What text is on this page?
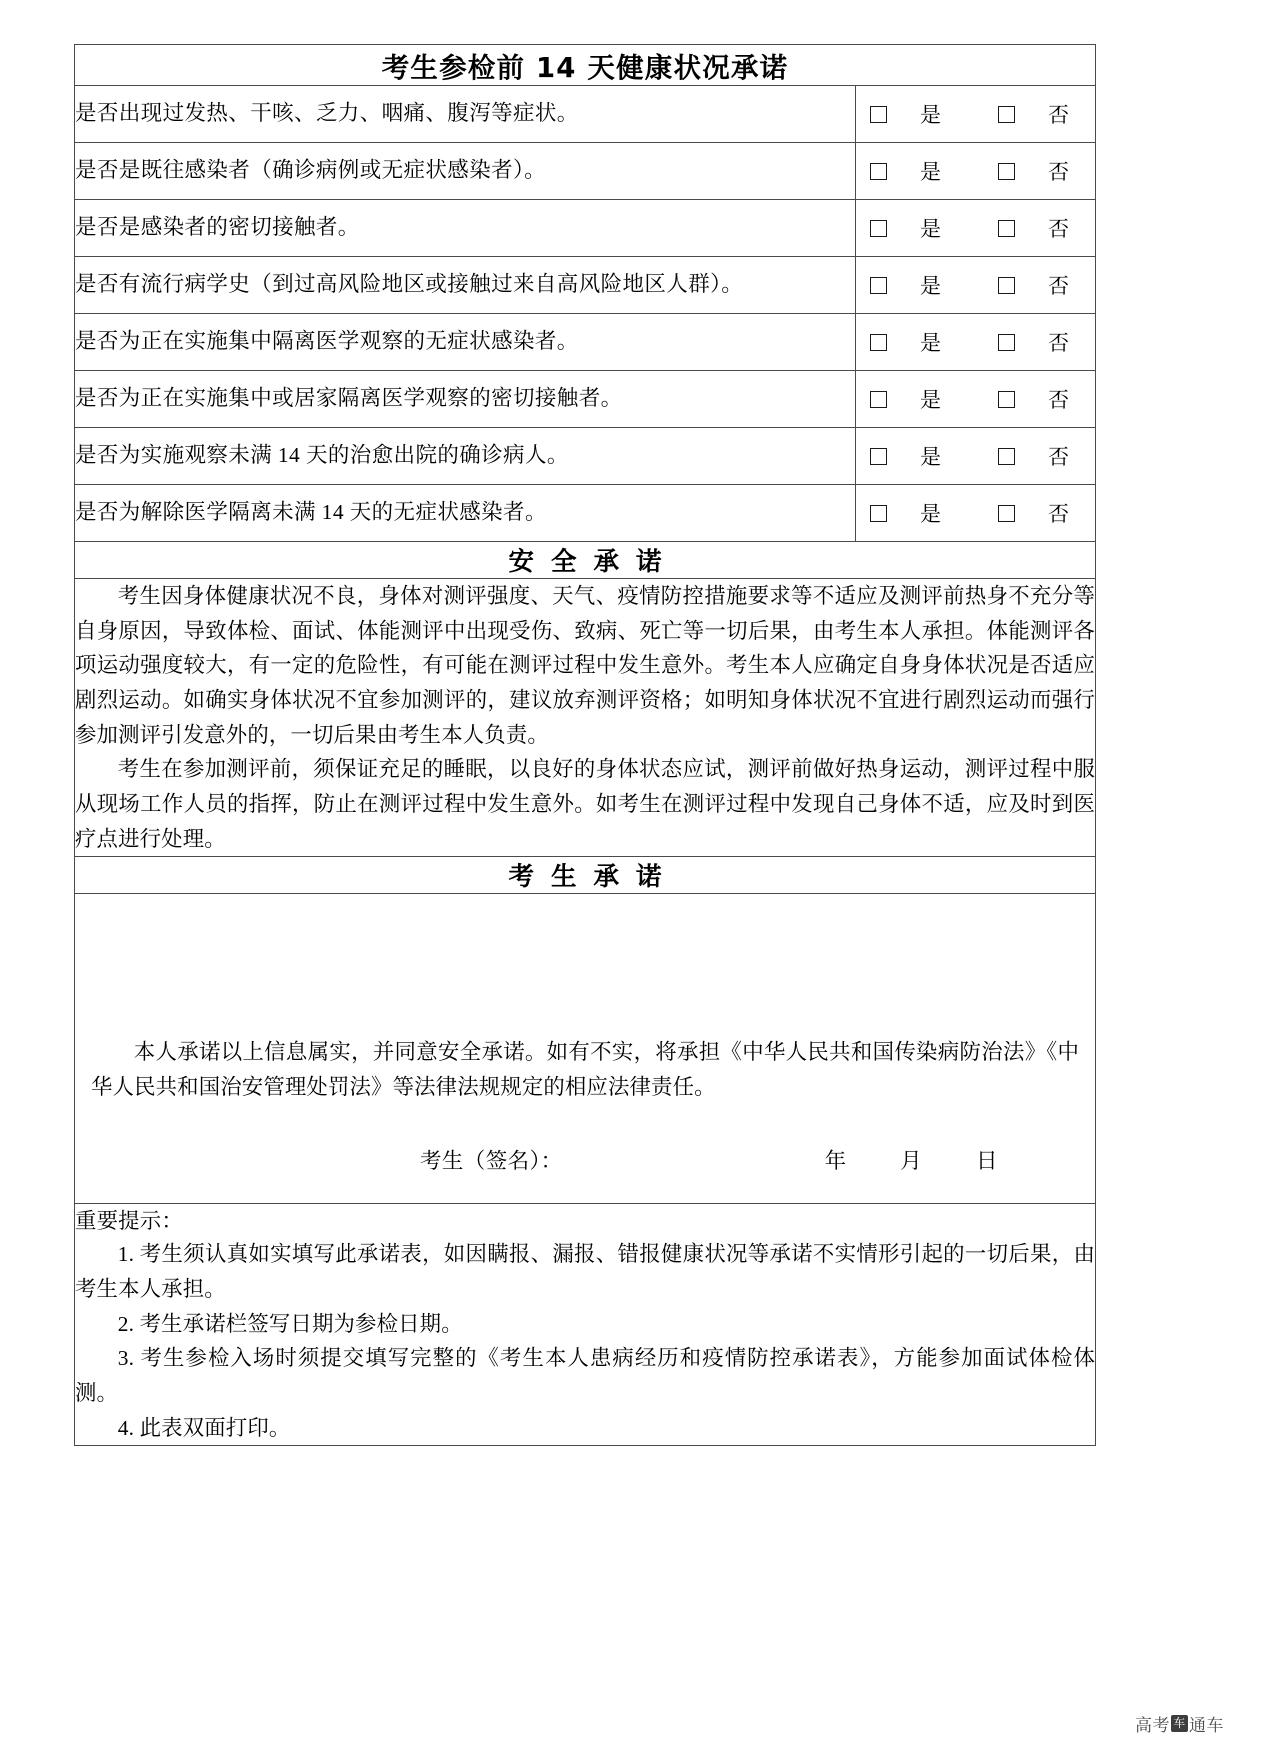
考生参检前 14 天健康状况承诺	
是否出现过发热、干咳、乏力、咽痛、腹泻等症状。	是 否

是否是既往感染者（确诊病例或无症状感染者）。	是 否

是否是感染者的密切接触者。	是 否

是否有流行病学史（到过高风险地区或接触过来自高风险地区人群）。	是 否

是否为正在实施集中隔离医学观察的无症状感染者。	是 否

是否为正在实施集中或居家隔离医学观察的密切接触者。	是 否

是否为实施观察未满 14 天的治愈出院的确诊病人。	是 否

是否为解除医学隔离未满 14 天的无症状感染者。	是 否

安全承诺	

考生因身体健康状况不良，身体对测评强度、天气、疫情防控措施要求等不适应及测评前热身不充分等自身原因，导致体检、面试、体能测评中出现受伤、致病、死亡等一切后果，由考生本人承担。体能测评各项运动强度较大，有一定的危险性，有可能在测评过程中发生意外。考生本人应确定自身身体状况是否适应剧烈运动。如确实身体状况不宜参加测评的，建议放弃测评资格；如明知身体状况不宜进行剧烈运动而强行参加测评引发意外的，一切后果由考生本人负责。

考生在参加测评前，须保证充足的睡眠，以良好的身体状态应试，测评前做好热身运动，测评过程中服从现场工作人员的指挥，防止在测评过程中发生意外。如考生在测评过程中发现自己身体不适，应及时到医疗点进行处理。	

考生承诺	

本人承诺以上信息属实，并同意安全承诺。如有不实，将承担《中华人民共和国传染病防治法》《中华人民共和国治安管理处罚法》等法律法规规定的相应法律责任。

考生（签名）： 年 月 日	

重要提示：

1. 考生须认真如实填写此承诺表，如因瞒报、漏报、错报健康状况等承诺不实情形引起的一切后果，由考生本人承担。

2. 考生承诺栏签写日期为参检日期。

3. 考生参检入场时须提交填写完整的《考生本人患病经历和疫情防控承诺表》，方能参加面试体检体测。

4. 此表双面打印。	

高考 车 通车
